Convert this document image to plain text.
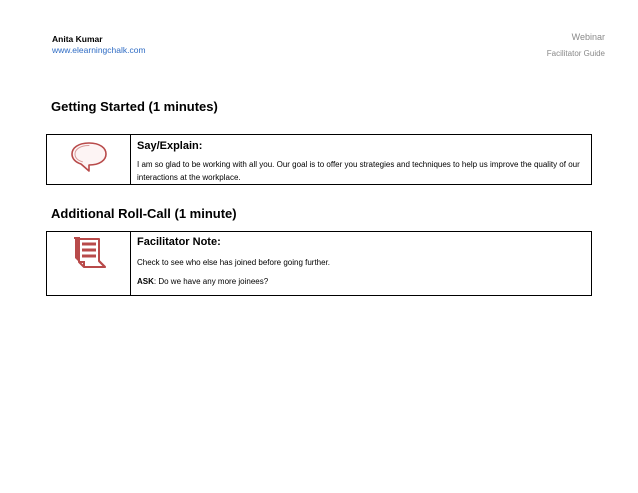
Anita Kumar
www.elearningchalk.com
Webinar
Facilitator Guide
Getting Started (1 minutes)
Say/Explain:
I am so glad to be working with all you. Our goal is to offer you strategies and techniques to help us improve the quality of our interactions at the workplace.
Additional Roll-Call (1 minute)
Facilitator Note:
Check to see who else has joined before going further.
ASK: Do we have any more joinees?
